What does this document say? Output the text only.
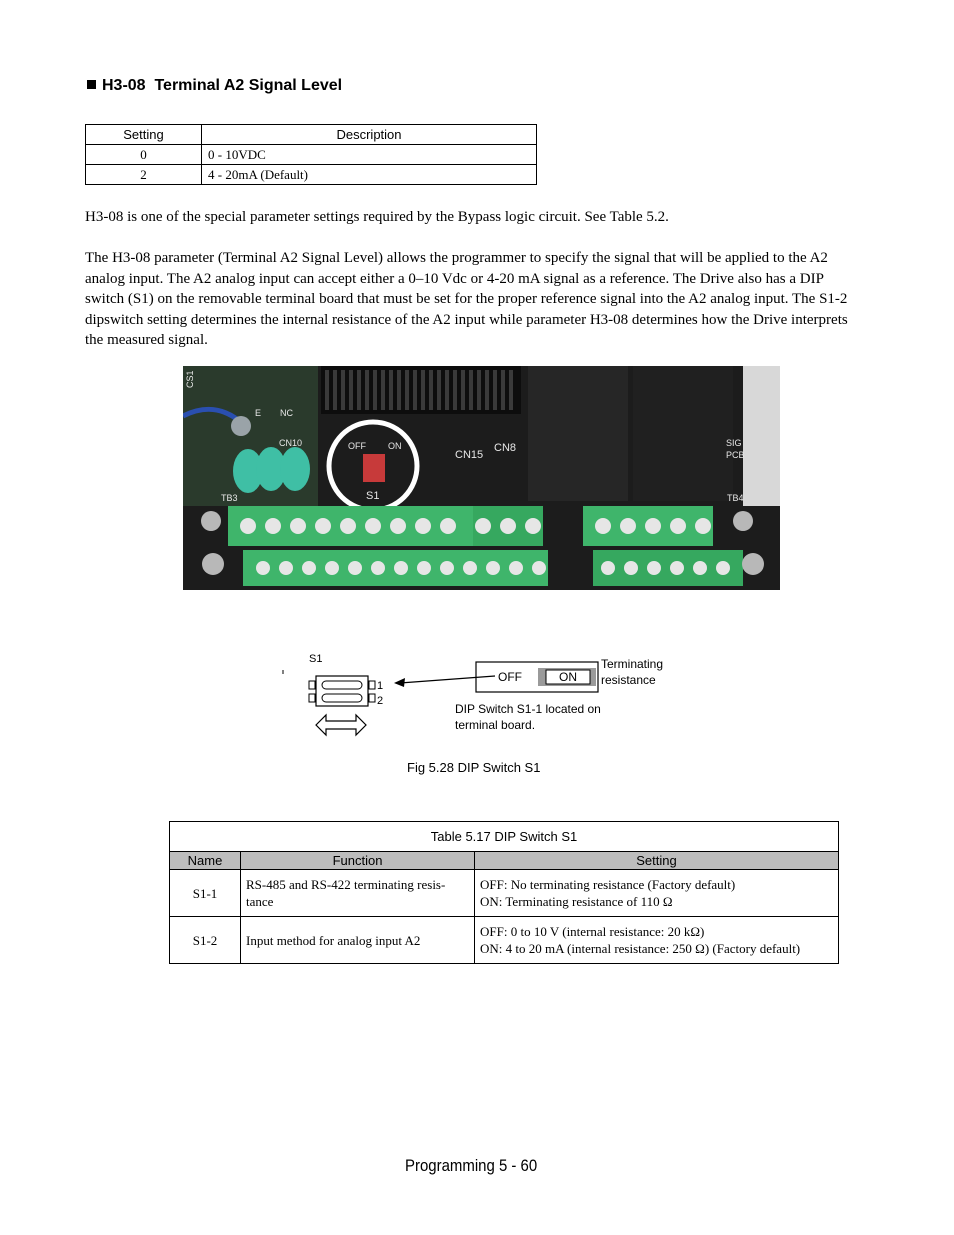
H3-08 Terminal A2 Signal Level
Setting	Description
0	0 - 10VDC
2	4 - 20mA (Default)
H3-08 is one of the special parameter settings required by the Bypass logic circuit. See Table 5.2.
The H3-08 parameter (Terminal A2 Signal Level) allows the programmer to specify the signal that will be applied to the A2 analog input. The A2 analog input can accept either a 0–10 Vdc or 4-20 mA signal as a reference. The Drive also has a DIP switch (S1) on the removable terminal board that must be set for the proper reference signal into the A2 analog input. The S1-2 dipswitch setting determines the internal resistance of the A2 input while parameter H3-08 determines how the Drive interprets the measured signal.
CS1
E NC
CN10
TB3
OFF ON
S1
CN15
CN8
TB4
SIG
PCB
S1
1
2
OFF	ON
Terminating
resistance
DIP Switch S1-1 located on
terminal board.
Fig 5.28 DIP Switch S1
Table 5.17 DIP Switch S1		
Name	Function	Setting
S1-1	RS-485 and RS-422 terminating resis-tance	OFF: No terminating resistance (Factory default)
ON: Terminating resistance of 110 Ω

S1-2	Input method for analog input A2	OFF: 0 to 10 V (internal resistance: 20 kΩ)
ON: 4 to 20 mA (internal resistance: 250 Ω) (Factory default)
Programming 5 - 60
